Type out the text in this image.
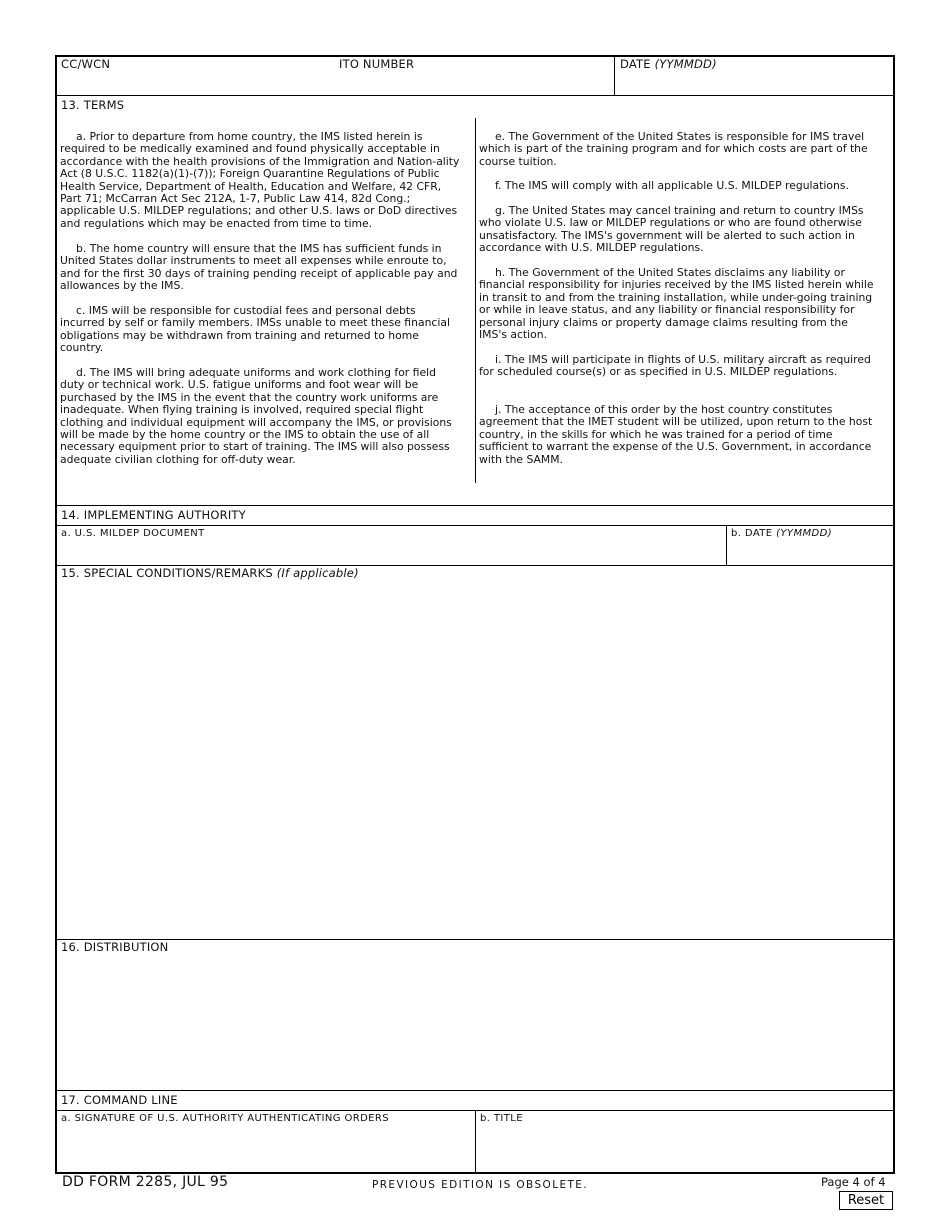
CC/WCN	ITO NUMBER	DATE (YYMMDD)
13. TERMS

a. Prior to departure from home country, the IMS listed herein is required to be medically examined and found physically acceptable in accordance with the health provisions of the Immigration and Nation-ality Act (8 U.S.C. 1182(a)(1)-(7)); Foreign Quarantine Regulations of Public Health Service, Department of Health, Education and Welfare, 42 CFR, Part 71; McCarran Act Sec 212A, 1-7, Public Law 414, 82d Cong.; applicable U.S. MILDEP regulations; and other U.S. laws or DoD directives and regulations which may be enacted from time to time.

b. The home country will ensure that the IMS has sufficient funds in United States dollar instruments to meet all expenses while enroute to, and for the first 30 days of training pending receipt of applicable pay and allowances by the IMS.

c. IMS will be responsible for custodial fees and personal debts incurred by self or family members. IMSs unable to meet these financial obligations may be withdrawn from training and returned to home country.

d. The IMS will bring adequate uniforms and work clothing for field duty or technical work. U.S. fatigue uniforms and foot wear will be purchased by the IMS in the event that the country work uniforms are inadequate. When flying training is involved, required special flight clothing and individual equipment will accompany the IMS, or provisions will be made by the home country or the IMS to obtain the use of all necessary equipment prior to start of training. The IMS will also possess adequate civilian clothing for off-duty wear.

e. The Government of the United States is responsible for IMS travel which is part of the training program and for which costs are part of the course tuition.

f. The IMS will comply with all applicable U.S. MILDEP regulations.

g. The United States may cancel training and return to country IMSs who violate U.S. law or MILDEP regulations or who are found otherwise unsatisfactory. The IMS's government will be alerted to such action in accordance with U.S. MILDEP regulations.

h. The Government of the United States disclaims any liability or financial responsibility for injuries received by the IMS listed herein while in transit to and from the training installation, while under-going training or while in leave status, and any liability or financial responsibility for personal injury claims or property damage claims resulting from the IMS's action.

i. The IMS will participate in flights of U.S. military aircraft as required for scheduled course(s) or as specified in U.S. MILDEP regulations.

j. The acceptance of this order by the host country constitutes agreement that the IMET student will be utilized, upon return to the host country, in the skills for which he was trained for a period of time sufficient to warrant the expense of the U.S. Government, in accordance with the SAMM.

14. IMPLEMENTING AUTHORITY
a. U.S. MILDEP DOCUMENT	b. DATE (YYMMDD)
15. SPECIAL CONDITIONS/REMARKS (If applicable)
16. DISTRIBUTION
17. COMMAND LINE
a. SIGNATURE OF U.S. AUTHORITY AUTHENTICATING ORDERS	b. TITLE
DD FORM 2285, JUL 95	PREVIOUS EDITION IS OBSOLETE.	Page 4 of 4
Reset
